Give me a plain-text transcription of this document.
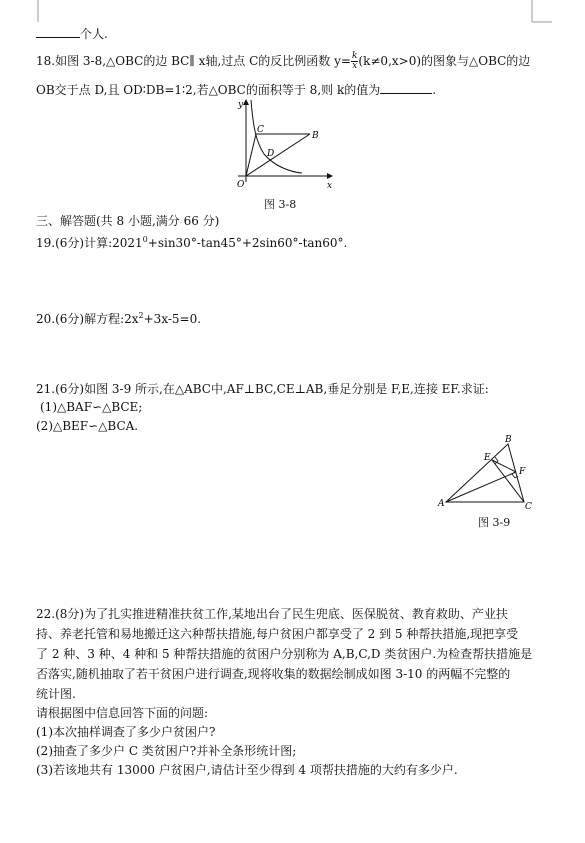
个人.
18.如图 3-8,△OBC的边 BC∥ x轴,过点 C的反比例函数 $y= \frac{k}{x} (k\ne 0,x>0)$的图象与△OBC的边
OB交于点 D,且 OD∶DB=1∶2,若△OBC的面积等于 8,则 k的值为	.
y
x
O
C
B
D
图 3-8
三、解答题(共 8 小题,满分 66 分)
19.(6分)计算$:2021^0+\sin 30^\circ-\tan 45^\circ+2\sin 60^\circ-\tan 60^\circ$.
20.(6分)解方程$:2x^2+3x-5=0$.
21.(6分)如图 3-9 所示,在△ABC中,AF⊥BC,CE⊥AB,垂足分别是 F,E,连接 EF.求证:
(1)△BAF∽△BCE;
(2)△BEF∽△BCA.
A
B
C
E
F
图 3-9
22.(8分)为了扎实推进精准扶贫工作,某地出台了民生兜底、医保脱贫、教育救助、产业扶
持、养老托管和易地搬迁这六种帮扶措施,每户贫困户都享受了 2 到 5 种帮扶措施,现把享受
了 2 种、3 种、4 种和 5 种帮扶措施的贫困户分别称为 A,B,C,D 类贫困户.为检查帮扶措施是
否落实,随机抽取了若干贫困户进行调查,现将收集的数据绘制成如图 3-10 的两幅不完整的
统计图.
请根据图中信息回答下面的问题:
(1)本次抽样调查了多少户贫困户?
(2)抽查了多少户 C 类贫困户?并补全条形统计图;
(3)若该地共有 13000 户贫困户,请估计至少得到 4 项帮扶措施的大约有多少户.
